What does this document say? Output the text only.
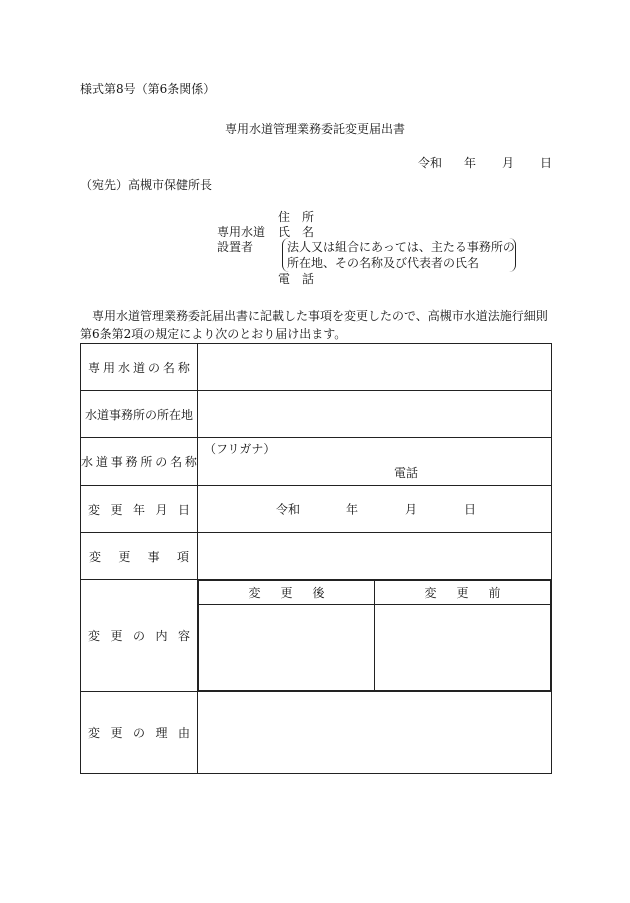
様式第8号（第6条関係）
専用水道管理業務委託変更届出書
令和 年 月 日
（宛先）高槻市保健所長
住　所
専用水道 氏　名
設置者	法人又は組合にあっては、主たる事務所の
所在地、その名称及び代表者の氏名
電　話
専用水道管理業務委託届出書に記載した事項を変更したので、高槻市水道法施行細則第6条第2項の規定により次のとおり届け出ます。
専 用 水 道 の 名 称

水道事務所の所在地	

水 道 事 務 所 の 名 称

（フリガナ）
電話

変 更 年 月 日	令和	年	月	日

変 更 事 項

変 更 の 内 容

変 更 後	変 更 前

変 更 の 理 由
